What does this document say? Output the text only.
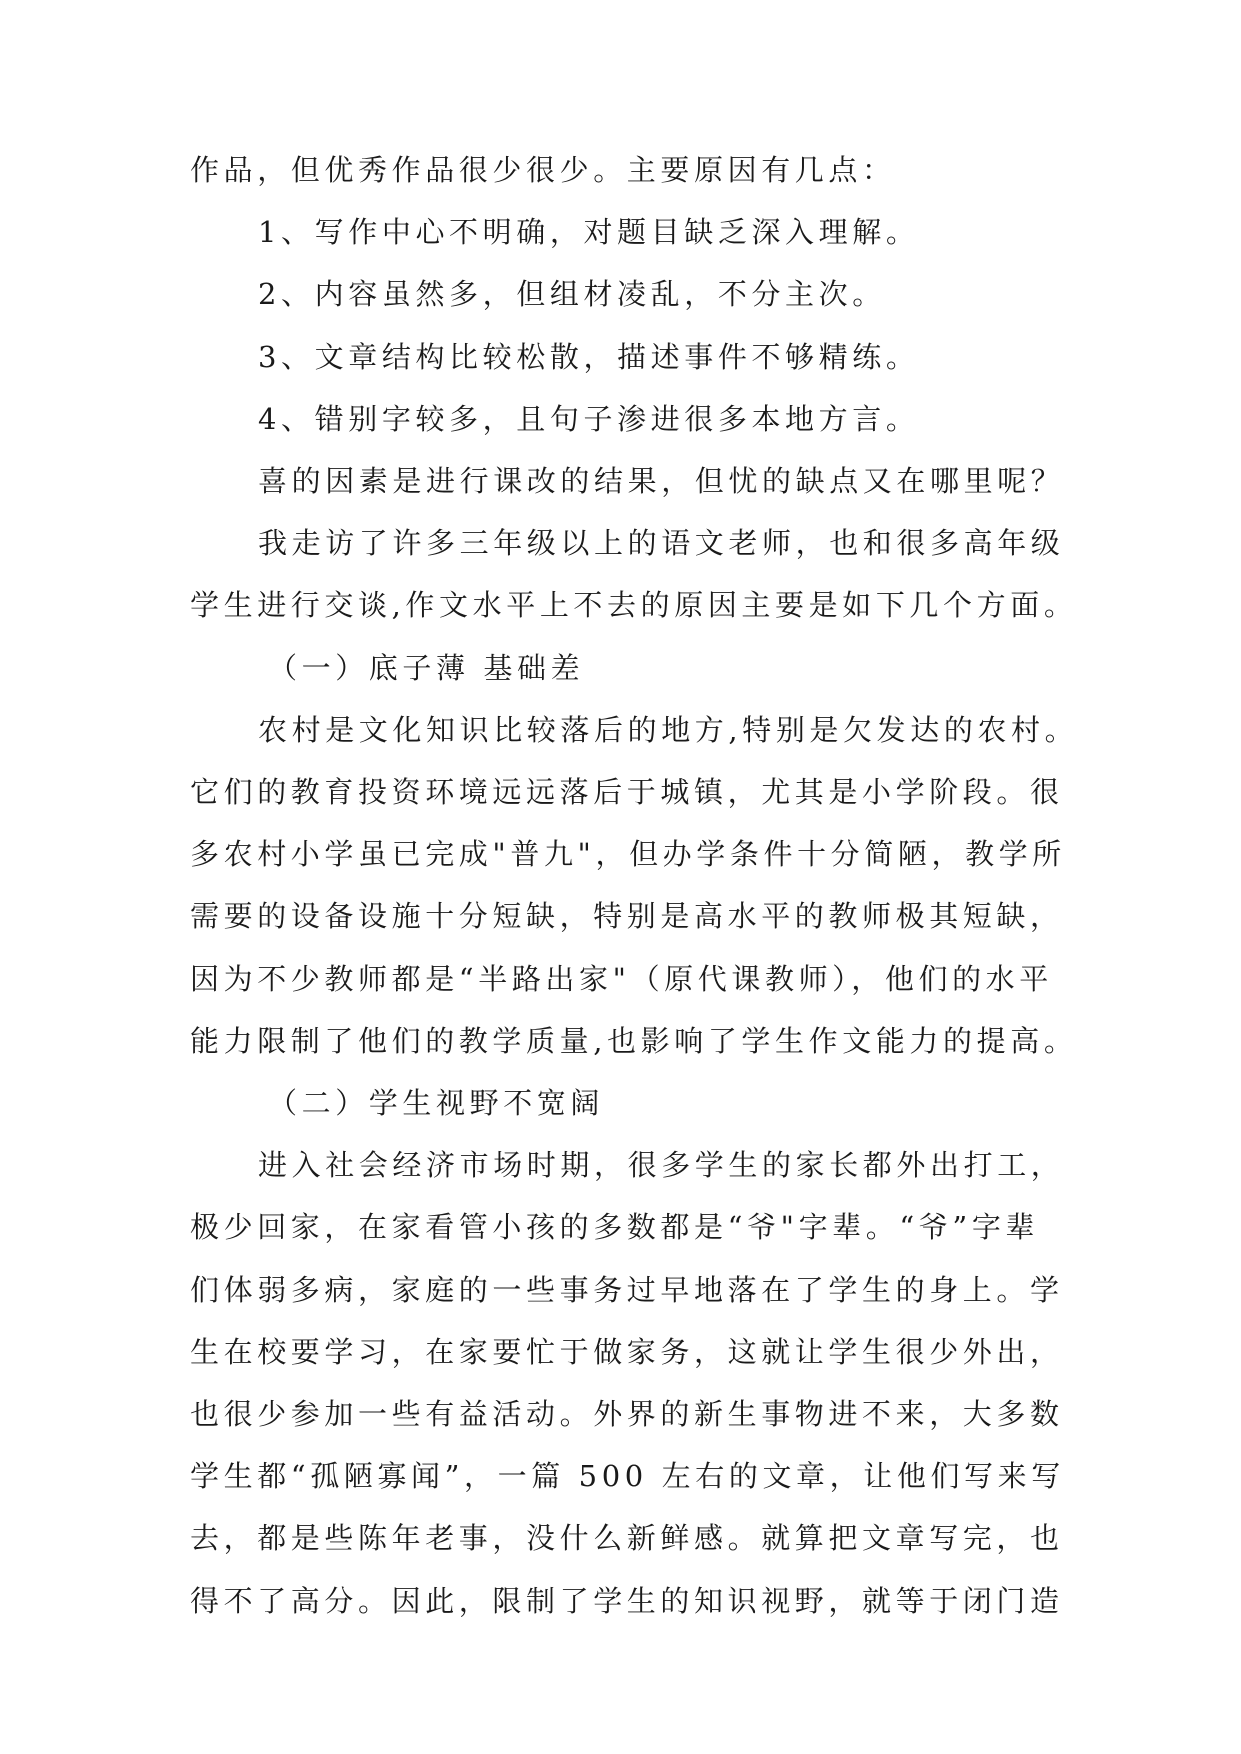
作品，但优秀作品很少很少。主要原因有几点：
1、写作中心不明确，对题目缺乏深入理解。
2、内容虽然多，但组材凌乱，不分主次。
3、文章结构比较松散，描述事件不够精练。
4、错别字较多，且句子渗进很多本地方言。
喜的因素是进行课改的结果，但忧的缺点又在哪里呢？
我走访了许多三年级以上的语文老师，也和很多高年级
学生进行交谈,作文水平上不去的原因主要是如下几个方面。
（一）底子薄 基础差
农村是文化知识比较落后的地方,特别是欠发达的农村。
它们的教育投资环境远远落后于城镇，尤其是小学阶段。很
多农村小学虽已完成"普九"，但办学条件十分简陋，教学所
需要的设备设施十分短缺，特别是高水平的教师极其短缺，
因为不少教师都是“半路出家"（原代课教师），他们的水平
能力限制了他们的教学质量,也影响了学生作文能力的提高。
（二）学生视野不宽阔
进入社会经济市场时期，很多学生的家长都外出打工，
极少回家，在家看管小孩的多数都是“爷"字辈。“爷”字辈
们体弱多病，家庭的一些事务过早地落在了学生的身上。学
生在校要学习，在家要忙于做家务，这就让学生很少外出，
也很少参加一些有益活动。外界的新生事物进不来，大多数
学生都“孤陋寡闻”，一篇 500 左右的文章，让他们写来写
去，都是些陈年老事，没什么新鲜感。就算把文章写完，也
得不了高分。因此，限制了学生的知识视野，就等于闭门造
